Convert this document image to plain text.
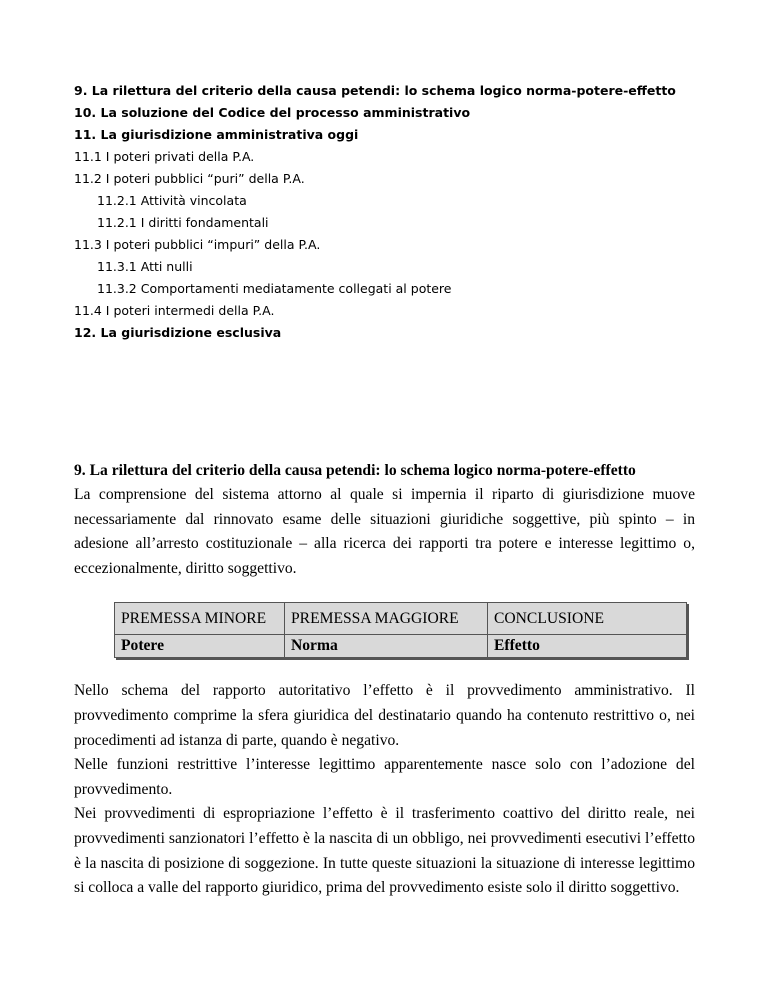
9. La rilettura del criterio della causa petendi: lo schema logico norma-potere-effetto
10. La soluzione del Codice del processo amministrativo
11. La giurisdizione amministrativa oggi
11.1 I poteri privati della P.A.
11.2 I poteri pubblici “puri” della P.A.
11.2.1 Attività vincolata
11.2.1 I diritti fondamentali
11.3 I poteri pubblici “impuri” della P.A.
11.3.1 Atti nulli
11.3.2 Comportamenti mediatamente collegati al potere
11.4 I poteri intermedi della P.A.
12. La giurisdizione esclusiva

9. La rilettura del criterio della causa petendi: lo schema logico norma-potere-effetto

La comprensione del sistema attorno al quale si impernia il riparto di giurisdizione muove necessariamente dal rinnovato esame delle situazioni giuridiche soggettive, più spinto – in adesione all’arresto costituzionale – alla ricerca dei rapporti tra potere e interesse legittimo o, eccezionalmente, diritto soggettivo.

PREMESSA MINORE	PREMESSA MAGGIORE	CONCLUSIONE
Potere	Norma	Effetto

Nello schema del rapporto autoritativo l’effetto è il provvedimento amministrativo. Il provvedimento comprime la sfera giuridica del destinatario quando ha contenuto restrittivo o, nei procedimenti ad istanza di parte, quando è negativo.

Nelle funzioni restrittive l’interesse legittimo apparentemente nasce solo con l’adozione del provvedimento.

Nei provvedimenti di espropriazione l’effetto è il trasferimento coattivo del diritto reale, nei provvedimenti sanzionatori l’effetto è la nascita di un obbligo, nei provvedimenti esecutivi l’effetto è la nascita di posizione di soggezione. In tutte queste situazioni la situazione di interesse legittimo si colloca a valle del rapporto giuridico, prima del provvedimento esiste solo il diritto soggettivo.
